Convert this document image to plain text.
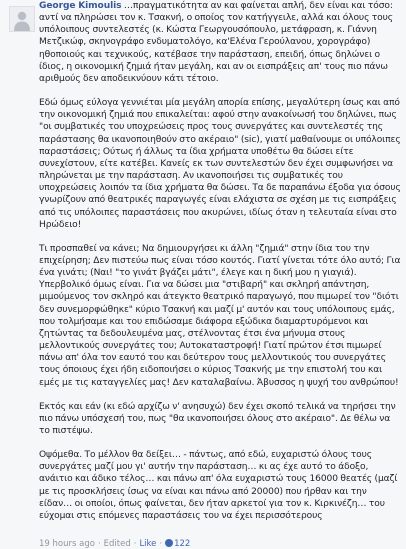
George Kimoulis …πραγματικότητα αν και φαίνεται απλή, δεν είναι και τόσο: αντί να πληρώσει τον κ. Τσακνή, ο οποίος τον κατήγγειλε, αλλά και όλους τους υπόλοιπους συντελεστές (κ. Κώστα Γεωργουσόπουλο, μετάφραση, κ. Γιάννη Μετζικώφ, σκηνογράφο ενδυματολόγο, κα'Ελένα Γερούλανου, χορογράφο) ηθοποιούς και τεχνικούς, κατέβασε την παράσταση, επειδή, όπως δηλώνει ο ίδιος, η οικονομική ζημιά ήταν μεγάλη, και αν οι εισπράξεις απ' τους πιο πάνω αριθμούς δεν αποδεικνύουν κάτι τέτοιο.

Εδώ όμως εύλογα γεννιέται μία μεγάλη απορία επίσης, μεγαλύτερη ίσως και από την οικονομική ζημιά που επικαλείται: αφού στην ανακοίνωσή του δηλώνει, πως "οι συμβατικές του υποχρεώσεις προς τους συνεργάτες και συντελεστές της παράστασης θα ικανοποιηθούν στο ακέραιο" (sic), γιατί μαθαίνουμε οι υπόλοιπες παραστάσεις; Ούτως ή άλλως τα ίδια χρήματα υποθέτω θα δώσει είτε συνεχίστουν, είτε κατέβει. Κανείς εκ των συντελεστών δεν έχει συμφωνήσει να πληρώνεται με την παράσταση. Αν ικανοποιήσει τις συμβατικές του υποχρεώσεις λοιπόν τα ίδια χρήματα θα δώσει. Τα δε παραπάνω έξοδα για όσους γνωρίζουν από θεατρικές παραγωγές είναι ελάχιστα σε σχέση με τις εισπράξεις από τις υπόλοιπες παραστάσεις που ακυρώνει, ιδίως όταν η τελευταία είναι στο Ηρώδειο!

Τι προσπαθεί να κάνει; Να δημιουργήσει κι άλλη "ζημιά" στην ίδια του την επιχείρηση; Δεν πιστεύω πως είναι τόσο κουτός. Γιατί γίνεται τότε όλο αυτό; Για ένα γινάτι; (Ναι! "το γινάτ βγάζει μάτι", έλεγε και η δική μου η γιαγιά). Υπερβολικό όμως είναι. Για να δώσει μια "στιβαρή" και σκληρή απάντηση, μιμούμενος τον σκληρό και άτεγκτο θεατρικό παραγωγό, που πιμωρεί τον "διότι δεν συνεμορφώθηκε" κύριο Τσακνή και μαζί μ' αυτόν και τους υπόλοιπους εμάς, που τολμήσαμε και του επιδώσαμε διάφορα εξώδικα διαμαρτυρόμενοι και ζητώντας τα δεδουλευμένα μας, στέλνοντας έτσι ένα μήνυμα στους μελλοντικούς συνεργάτες του; Αυτοκαταστροφή! Γιατί πρώτον έτσι πιμωρεί πάνω απ' όλα τον εαυτό του και δεύτερον τους μελλοντικούς του συνεργάτες τους όποιους έχει ήδη ειδοποιήσει ο κύριος Τσακνής με την επιστολή του και εμές με τις καταγγελίες μας! Δεν καταλαβαίνω. Άβυσσος η ψυχή του ανθρώπου!

Εκτός και εάν (κι εδώ αρχίζω ν' ανησυχώ) δεν έχει σκοπό τελικά να τηρήσει την πιο πάνω υπόσχεσή του, πως "θα ικανοποιήσει όλους στο ακέραιο". Δε θέλω να το πιστέψω.

Οψόμεθα. Το μέλλον θα δείξει… - πάντως, από εδώ, ευχαριστώ όλους τους συνεργάτες μαζί μου γι' αυτήν την παράσταση… κι ας έχε αυτό το άδοξο, ανάιτιο και άδικο τέλος… και πάνω απ' όλα ευχαριστώ τους 16000 θεατές (μαζί με τις προσκλήσεις ίσως να είναι και πάνω από 20000) που ήρθαν και την είδαν… οι οποίοι, όπως φαίνεται, δεν ήταν αρκετοί για τον κ. Κιρκινέζη… του εύχομαι στις επόμενες παραστάσεις του να έχει περισσότερους

19 hours ago · Edited · Like · 122
